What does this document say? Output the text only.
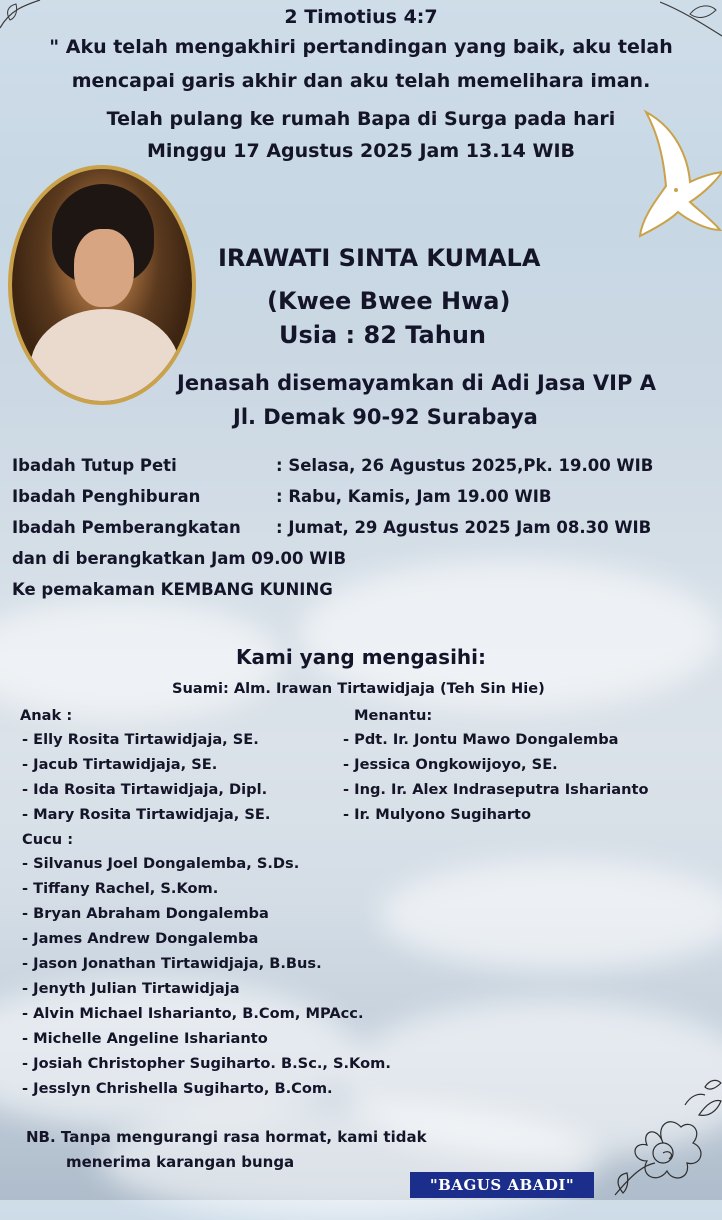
2 Timotius 4:7
" Aku telah mengakhiri pertandingan yang baik, aku telah
mencapai garis akhir dan aku telah memelihara iman.
Telah pulang ke rumah Bapa di Surga pada hari
Minggu 17 Agustus 2025 Jam 13.14 WIB
IRAWATI SINTA KUMALA
(Kwee Bwee Hwa)
Usia : 82 Tahun
Jenasah disemayamkan di Adi Jasa VIP A
Jl. Demak 90-92 Surabaya
Ibadah Tutup Peti	: Selasa, 26 Agustus 2025,Pk. 19.00 WIB
Ibadah Penghiburan	: Rabu, Kamis, Jam 19.00 WIB
Ibadah Pemberangkatan : Jumat, 29 Agustus 2025 Jam 08.30 WIB
dan di berangkatkan Jam 09.00 WIB
Ke pemakaman KEMBANG KUNING
Kami yang mengasihi:
Suami: Alm. Irawan Tirtawidjaja (Teh Sin Hie)
Anak :
- Elly Rosita Tirtawidjaja, SE.
- Jacub Tirtawidjaja, SE.
- Ida Rosita Tirtawidjaja, Dipl.
- Mary Rosita Tirtawidjaja, SE.
Menantu:
- Pdt. Ir. Jontu Mawo Dongalemba
- Jessica Ongkowijoyo, SE.
- Ing. Ir. Alex Indraseputra Isharianto
- Ir. Mulyono Sugiharto
Cucu :
- Silvanus Joel Dongalemba, S.Ds.
- Tiffany Rachel, S.Kom.
- Bryan Abraham Dongalemba
- James Andrew Dongalemba
- Jason Jonathan Tirtawidjaja, B.Bus.
- Jenyth Julian Tirtawidjaja
- Alvin Michael Isharianto, B.Com, MPAcc.
- Michelle Angeline Isharianto
- Josiah Christopher Sugiharto. B.Sc., S.Kom.
- Jesslyn Chrishella Sugiharto, B.Com.
NB. Tanpa mengurangi rasa hormat, kami tidak
menerima karangan bunga
"BAGUS ABADI"
